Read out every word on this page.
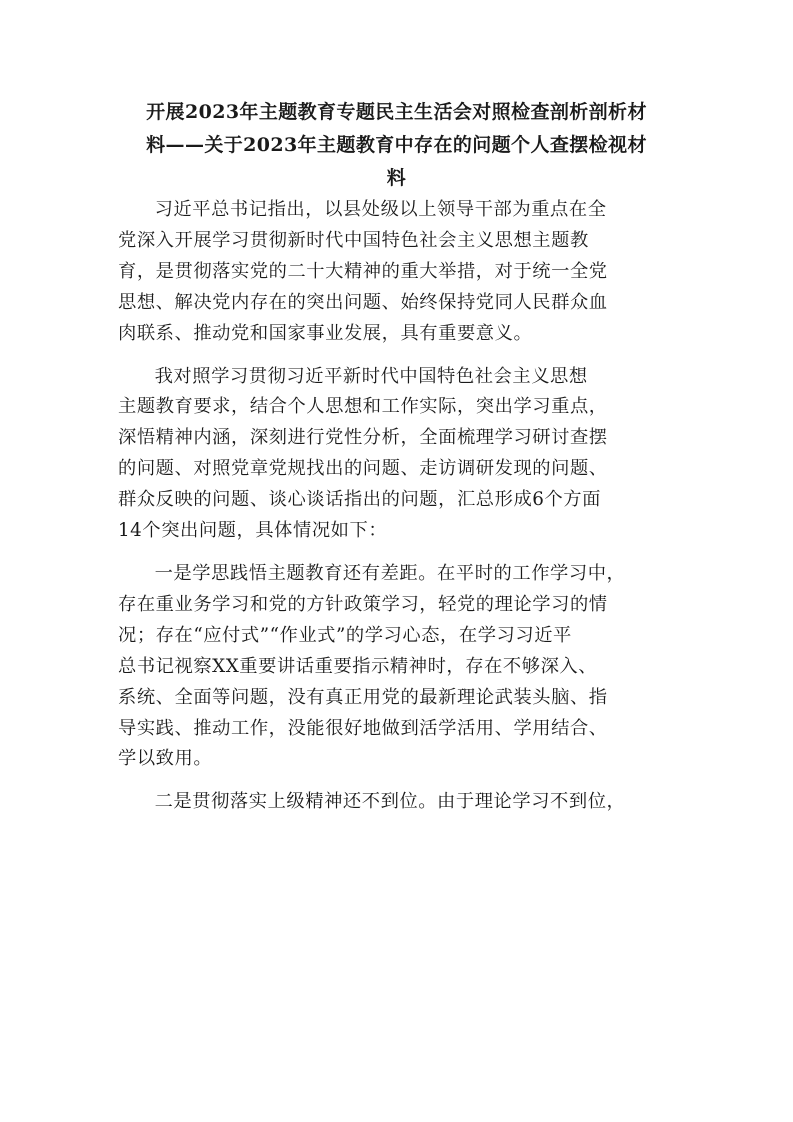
开展2023年主题教育专题民主生活会对照检查剖析剖析材
料——关于2023年主题教育中存在的问题个人查摆检视材
料

习近平总书记指出，以县处级以上领导干部为重点在全
党深入开展学习贯彻新时代中国特色社会主义思想主题教
育，是贯彻落实党的二十大精神的重大举措，对于统一全党
思想、解决党内存在的突出问题、始终保持党同人民群众血
肉联系、推动党和国家事业发展，具有重要意义。

我对照学习贯彻习近平新时代中国特色社会主义思想
主题教育要求，结合个人思想和工作实际，突出学习重点，
深悟精神内涵，深刻进行党性分析，全面梳理学习研讨查摆
的问题、对照党章党规找出的问题、走访调研发现的问题、
群众反映的问题、谈心谈话指出的问题，汇总形成6个方面
14个突出问题，具体情况如下：

一是学思践悟主题教育还有差距。在平时的工作学习中，
存在重业务学习和党的方针政策学习，轻党的理论学习的情
况；存在“应付式”“作业式”的学习心态，在学习习近平
总书记视察XX重要讲话重要指示精神时，存在不够深入、
系统、全面等问题，没有真正用党的最新理论武装头脑、指
导实践、推动工作，没能很好地做到活学活用、学用结合、
学以致用。

二是贯彻落实上级精神还不到位。由于理论学习不到位，
